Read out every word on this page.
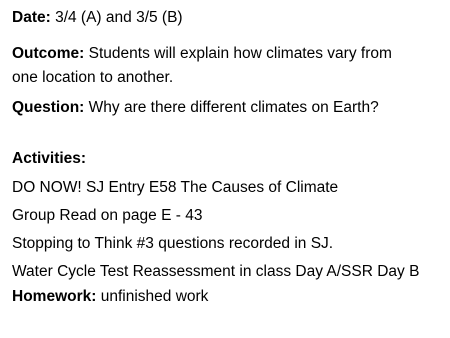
Date: 3/4 (A) and 3/5 (B)
Outcome: Students will explain how climates vary from
one location to another.
Question: Why are there different climates on Earth?
Activities:
DO NOW! SJ Entry E58 The Causes of Climate
Group Read on page E - 43
Stopping to Think #3 questions recorded in SJ.
Water Cycle Test Reassessment in class Day A/SSR Day B
Homework: unfinished work
